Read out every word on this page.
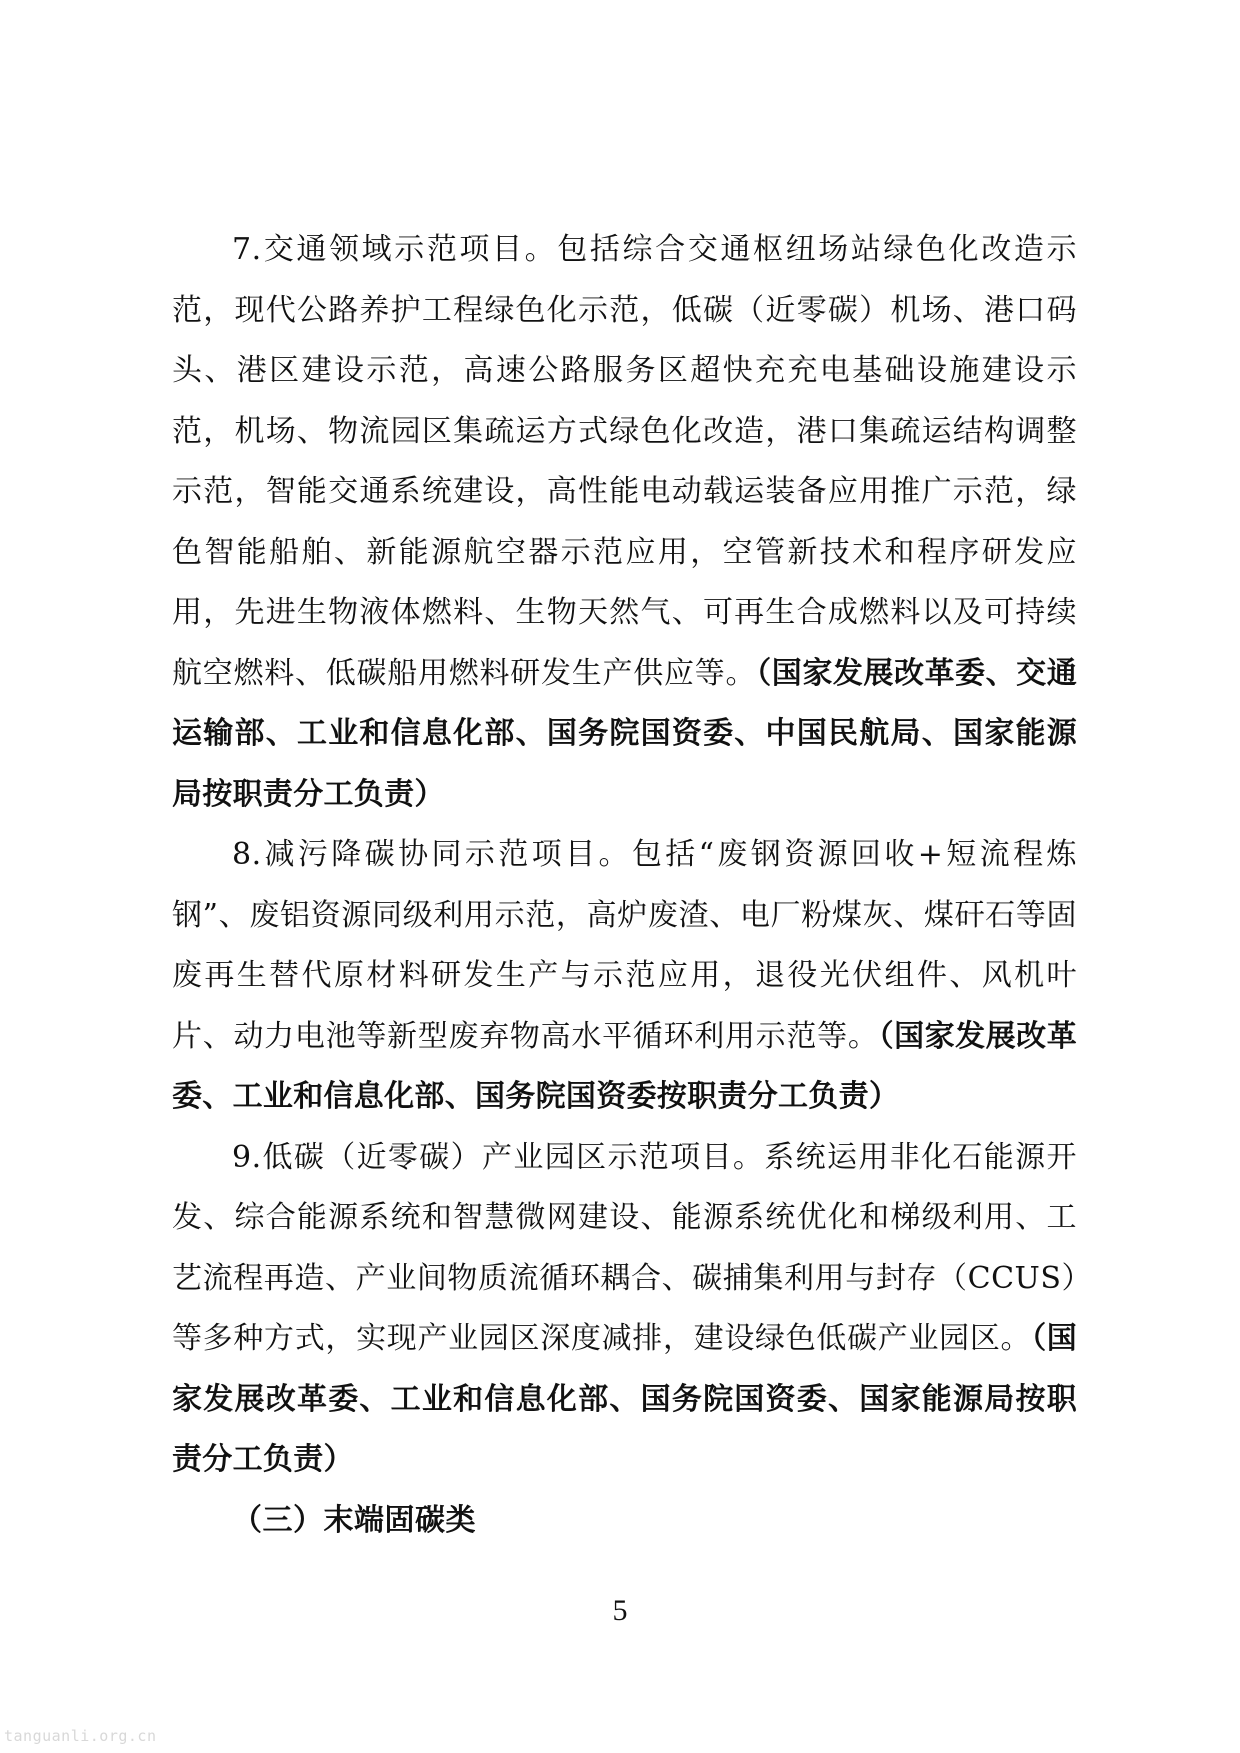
7.交通领域示范项目。包括综合交通枢纽场站绿色化改造示范，现代公路养护工程绿色化示范，低碳（近零碳）机场、港口码头、港区建设示范，高速公路服务区超快充充电基础设施建设示范，机场、物流园区集疏运方式绿色化改造，港口集疏运结构调整示范，智能交通系统建设，高性能电动载运装备应用推广示范，绿色智能船舶、新能源航空器示范应用，空管新技术和程序研发应用，先进生物液体燃料、生物天然气、可再生合成燃料以及可持续航空燃料、低碳船用燃料研发生产供应等。（国家发展改革委、交通运输部、工业和信息化部、国务院国资委、中国民航局、国家能源局按职责分工负责）

8.减污降碳协同示范项目。包括“废钢资源回收+短流程炼钢”、废铝资源同级利用示范，高炉废渣、电厂粉煤灰、煤矸石等固废再生替代原材料研发生产与示范应用，退役光伏组件、风机叶片、动力电池等新型废弃物高水平循环利用示范等。（国家发展改革委、工业和信息化部、国务院国资委按职责分工负责）

9.低碳（近零碳）产业园区示范项目。系统运用非化石能源开发、综合能源系统和智慧微网建设、能源系统优化和梯级利用、工艺流程再造、产业间物质流循环耦合、碳捕集利用与封存（CCUS）等多种方式，实现产业园区深度减排，建设绿色低碳产业园区。（国家发展改革委、工业和信息化部、国务院国资委、国家能源局按职责分工负责）

（三）末端固碳类

5
tanguanli.org.cn
